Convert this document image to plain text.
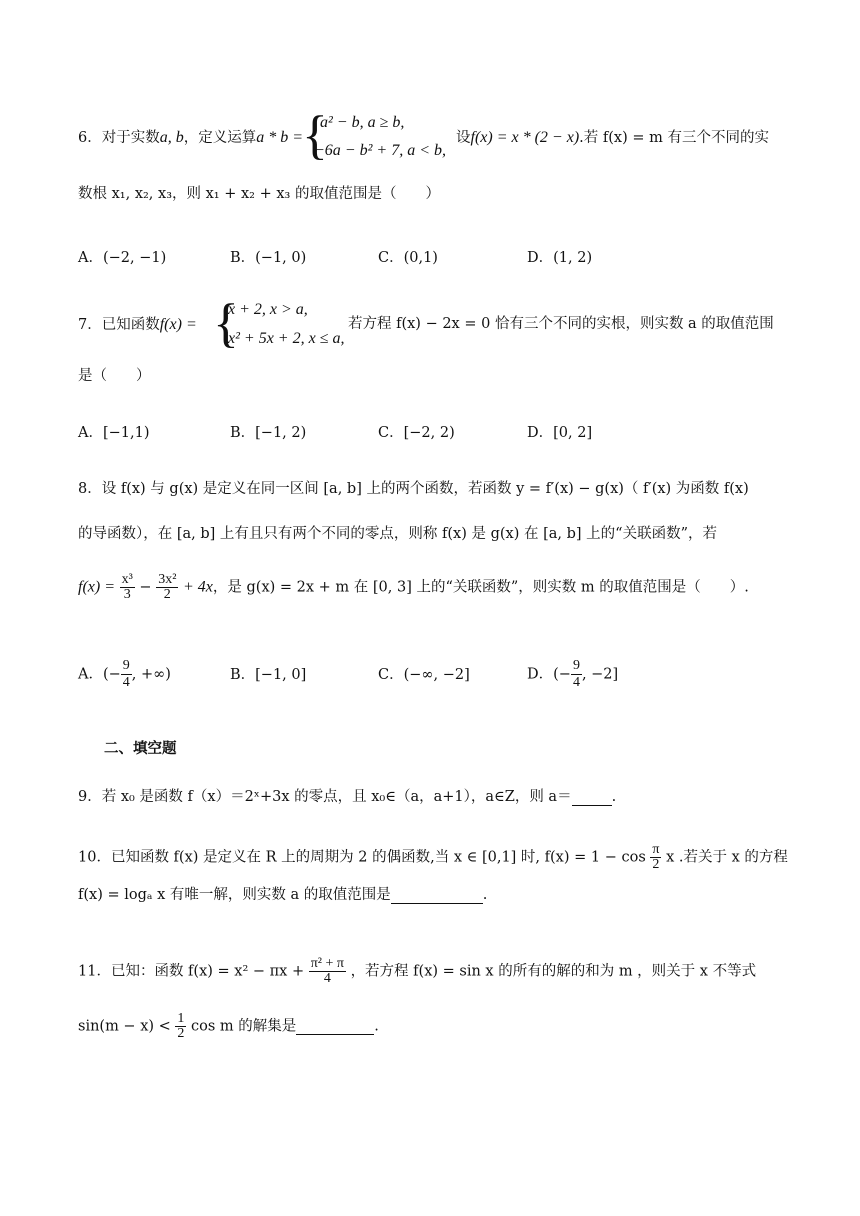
6．对于实数a, b，定义运算a * b =
{
a² − b, a ≥ b,
−6a − b² + 7, a < b,
设f(x) = x * (2 − x).若 f(x) = m 有三个不同的实
数根 x₁, x₂, x₃，则 x₁ + x₂ + x₃ 的取值范围是（　　）
A．(−2, −1)	B．(−1, 0)	C．(0,1)	D．(1, 2)
7．已知函数f(x) = {
x + 2, x > a,
x² + 5x + 2, x ≤ a,
若方程 f(x) − 2x = 0 恰有三个不同的实根，则实数 a 的取值范围
是（　　）
A．[−1,1)	B．[−1, 2)	C．[−2, 2)	D．[0, 2]
8．设 f(x) 与 g(x) 是定义在同一区间 [a, b] 上的两个函数，若函数 y = f′(x) − g(x)（ f′(x) 为函数 f(x)
的导函数），在 [a, b] 上有且只有两个不同的零点，则称 f(x) 是 g(x) 在 [a, b] 上的“关联函数”，若
$f(x) = \frac{\text{x³}}{3} - \frac{\text{3x²}}{2} + 4x$，是 g(x) = 2x + m 在 [0, 3] 上的“关联函数”，则实数 m 的取值范围是（　　）.
A．(− $\frac{9}{4}$ , +∞)	B．[−1, 0]	C．(−∞, −2]	D．(− $\frac{9}{4}$ , −2]
二、填空题
9．若 x₀ 是函数 f（x）＝2ˣ+3x 的零点，且 x₀∈（a，a+1），a∈Z，则 a＝	.
10．已知函数 f(x) 是定义在 R 上的周期为 2 的偶函数,当 x ∈ [0,1] 时, $f(x) = 1 - \cos \frac{\pi}{2}$ x .若关于 x 的方程
f(x) = logₐ x 有唯一解，则实数 a 的取值范围是	.
11．已知：函数 $f(x) = x^2 - \pi x + \frac{\text{π² + π}}{4}$ ，若方程 f(x) = sin x 的所有的解的和为 m ，则关于 x 不等式
$\sin(m - x) < \frac{1}{2}$ cos m 的解集是	.
